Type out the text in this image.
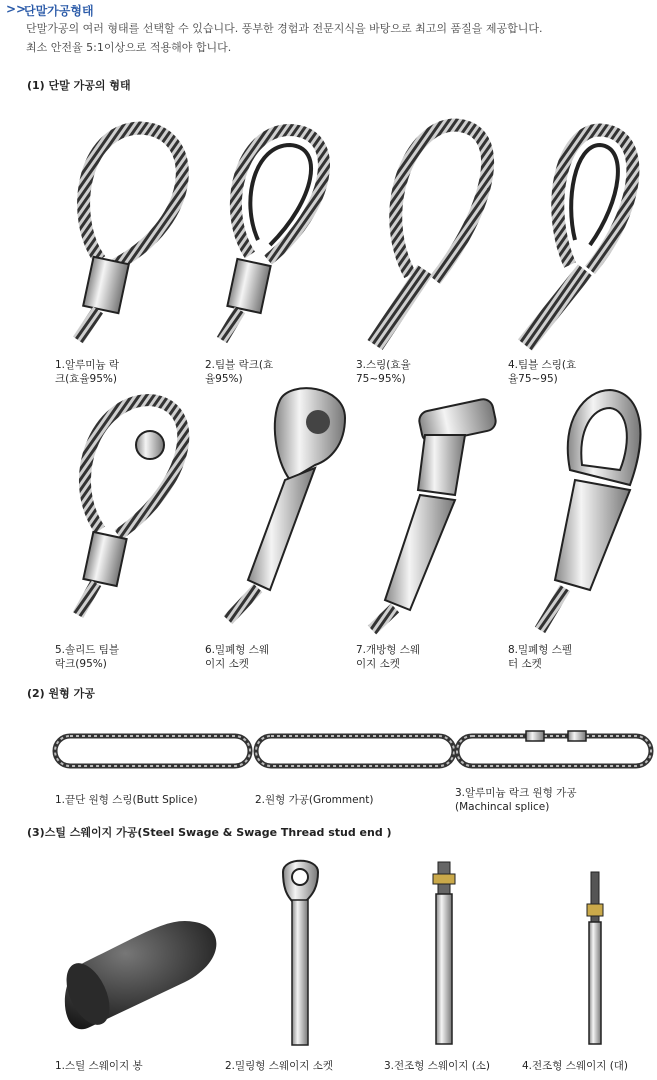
>>
단말가공형태
단말가공의 여러 형태를 선택할 수 있습니다. 풍부한 경험과 전문지식을 바탕으로 최고의 품질을 제공합니다.
최소 안전율 5:1이상으로 적용해야 합니다.
(1) 단말 가공의 형태
1.알루미늄 락
크(효율95%)
2.팀블 락크(효
율95%)
3.스링(효율
75~95%)
4.팀블 스링(효
율75~95)
5.솔리드 팀블
락크(95%)
6.밀폐형 스웨
이지 소켓
7.개방형 스웨
이지 소켓
8.밀폐형 스펠
터 소켓
(2) 원형 가공
1.끝단 원형 스링(Butt Splice)	2.원형 가공(Gromment)
3.알루미늄 락크 원형 가공
(Machincal splice)
(3)스틸 스웨이지 가공(Steel Swage & Swage Thread stud end )
1.스틸 스웨이지 봉	2.밀링형 스웨이지 소켓	3.전조형 스웨이지 (소)	4.전조형 스웨이지 (대)
